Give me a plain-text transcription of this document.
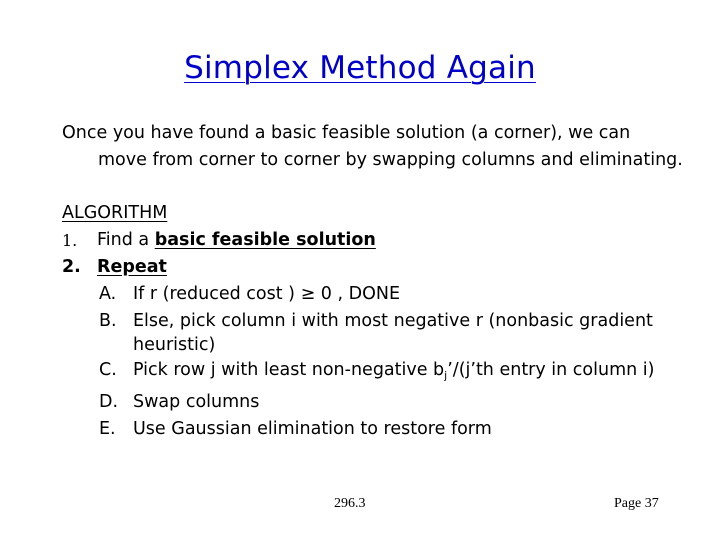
Simplex Method Again
Once you have found a basic feasible solution (a corner), we can
move from corner to corner by swapping columns and eliminating.
ALGORITHM
1.	Find a basic feasible solution
2. Repeat
A. If r (reduced cost ) ≥ 0 , DONE
B. Else, pick column i with most negative r (nonbasic gradient
heuristic)
C. Pick row j with least non-negative $b_j’/(j’th$ entry in column i)
D. Swap columns
E. Use Gaussian elimination to restore form
296.3	Page 37
